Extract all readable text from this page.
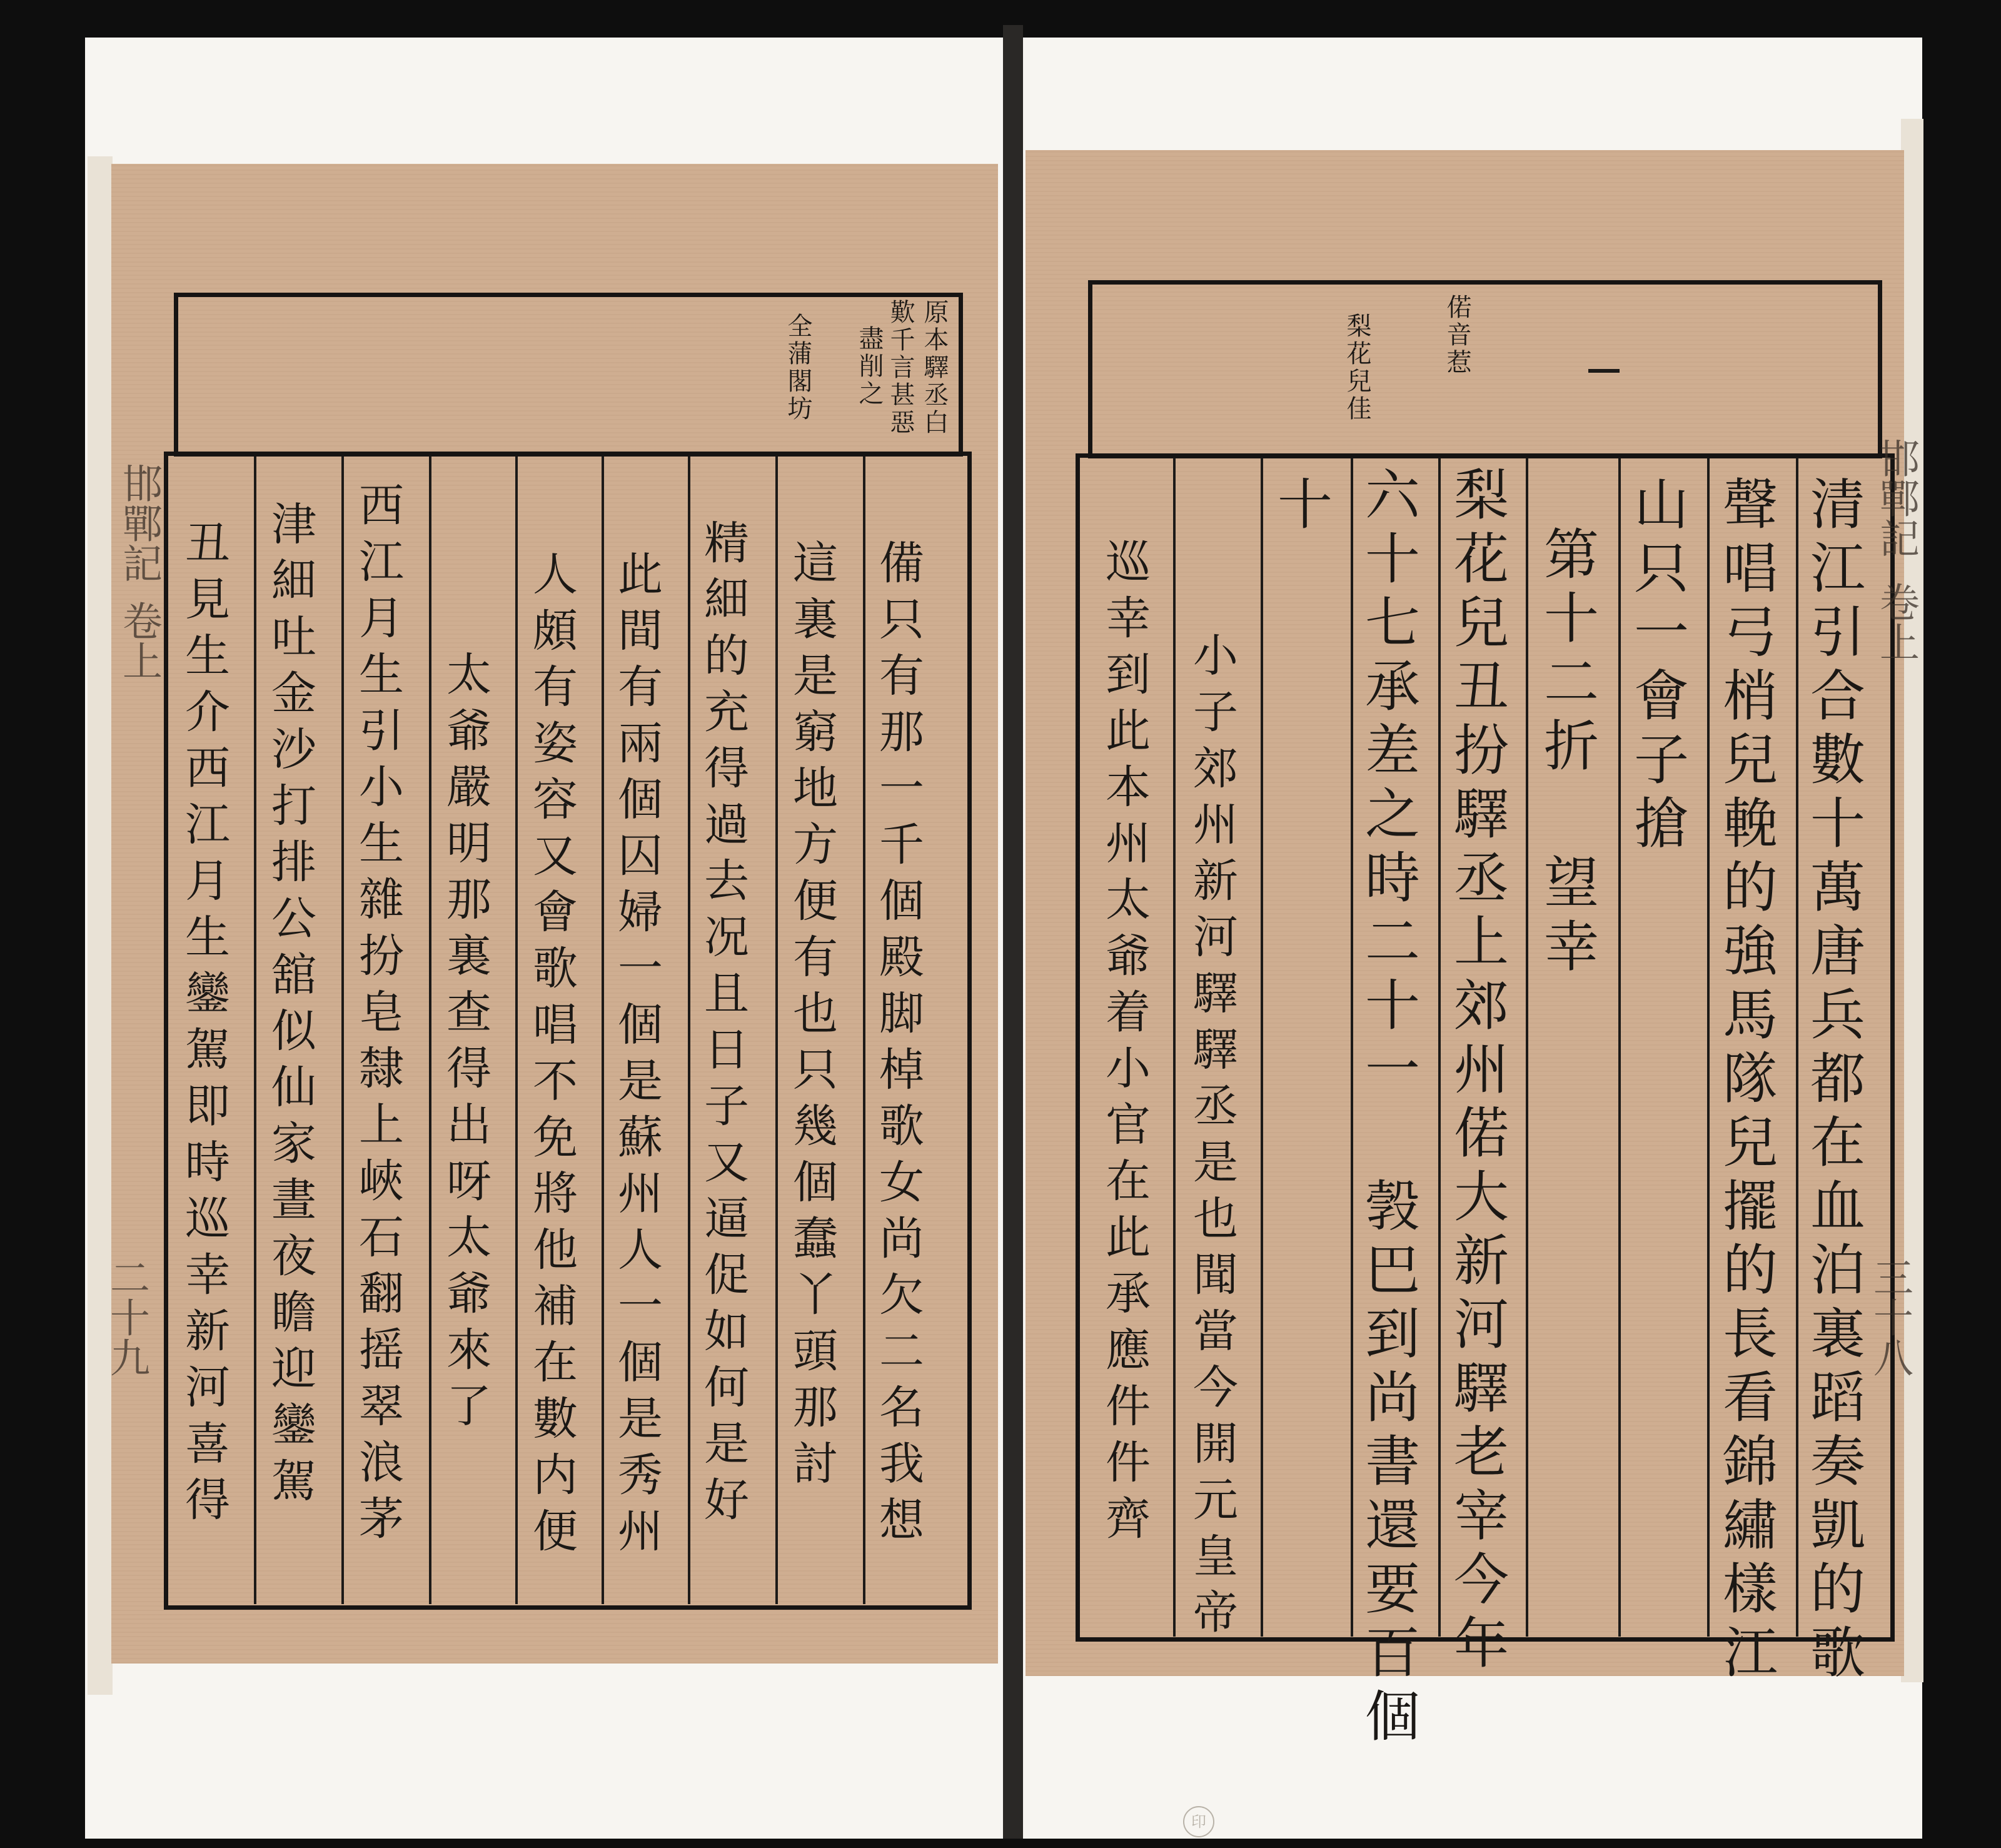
原本驛丞白
歎千言甚惡
盡削之
全蒲閣坊
備只有那一千個殿脚棹歌女尚欠二名我想
這裏是窮地方便有也只幾個蠢丫頭那討
精細的充得過去况且日子又逼促如何是好
此間有兩個囚婦一個是蘇州人一個是秀州
人頗有姿容又會歌唱不免將他補在數内便
太爺嚴明那裏查得出呀太爺來了
西江月生引小生雜扮皂隸上峽石翻摇翠浪茅
津細吐金沙打排公舘似仙家晝夜瞻迎鑾駕
丑見生介西江月生鑾駕即時巡幸新河喜得
邯鄲記
卷上
二十九
偌音惹
梨花兒佳
清江引合數十萬唐兵都在血泊裏蹈奏凱的歌
聲唱弓梢兒輓的強馬隊兒擺的長看錦繡樣江
山只一會子搶
第十二折 望幸
梨花兒丑扮驛丞上郊州偌大新河驛老宰今年
六十七承差之時二十一 㝅巴到尚書還要百個
十
小子郊州新河驛驛丞是也聞當今開元皇帝
巡幸到此本州太爺着小官在此承應件件齊
邯鄲記
卷上
三十八
印
